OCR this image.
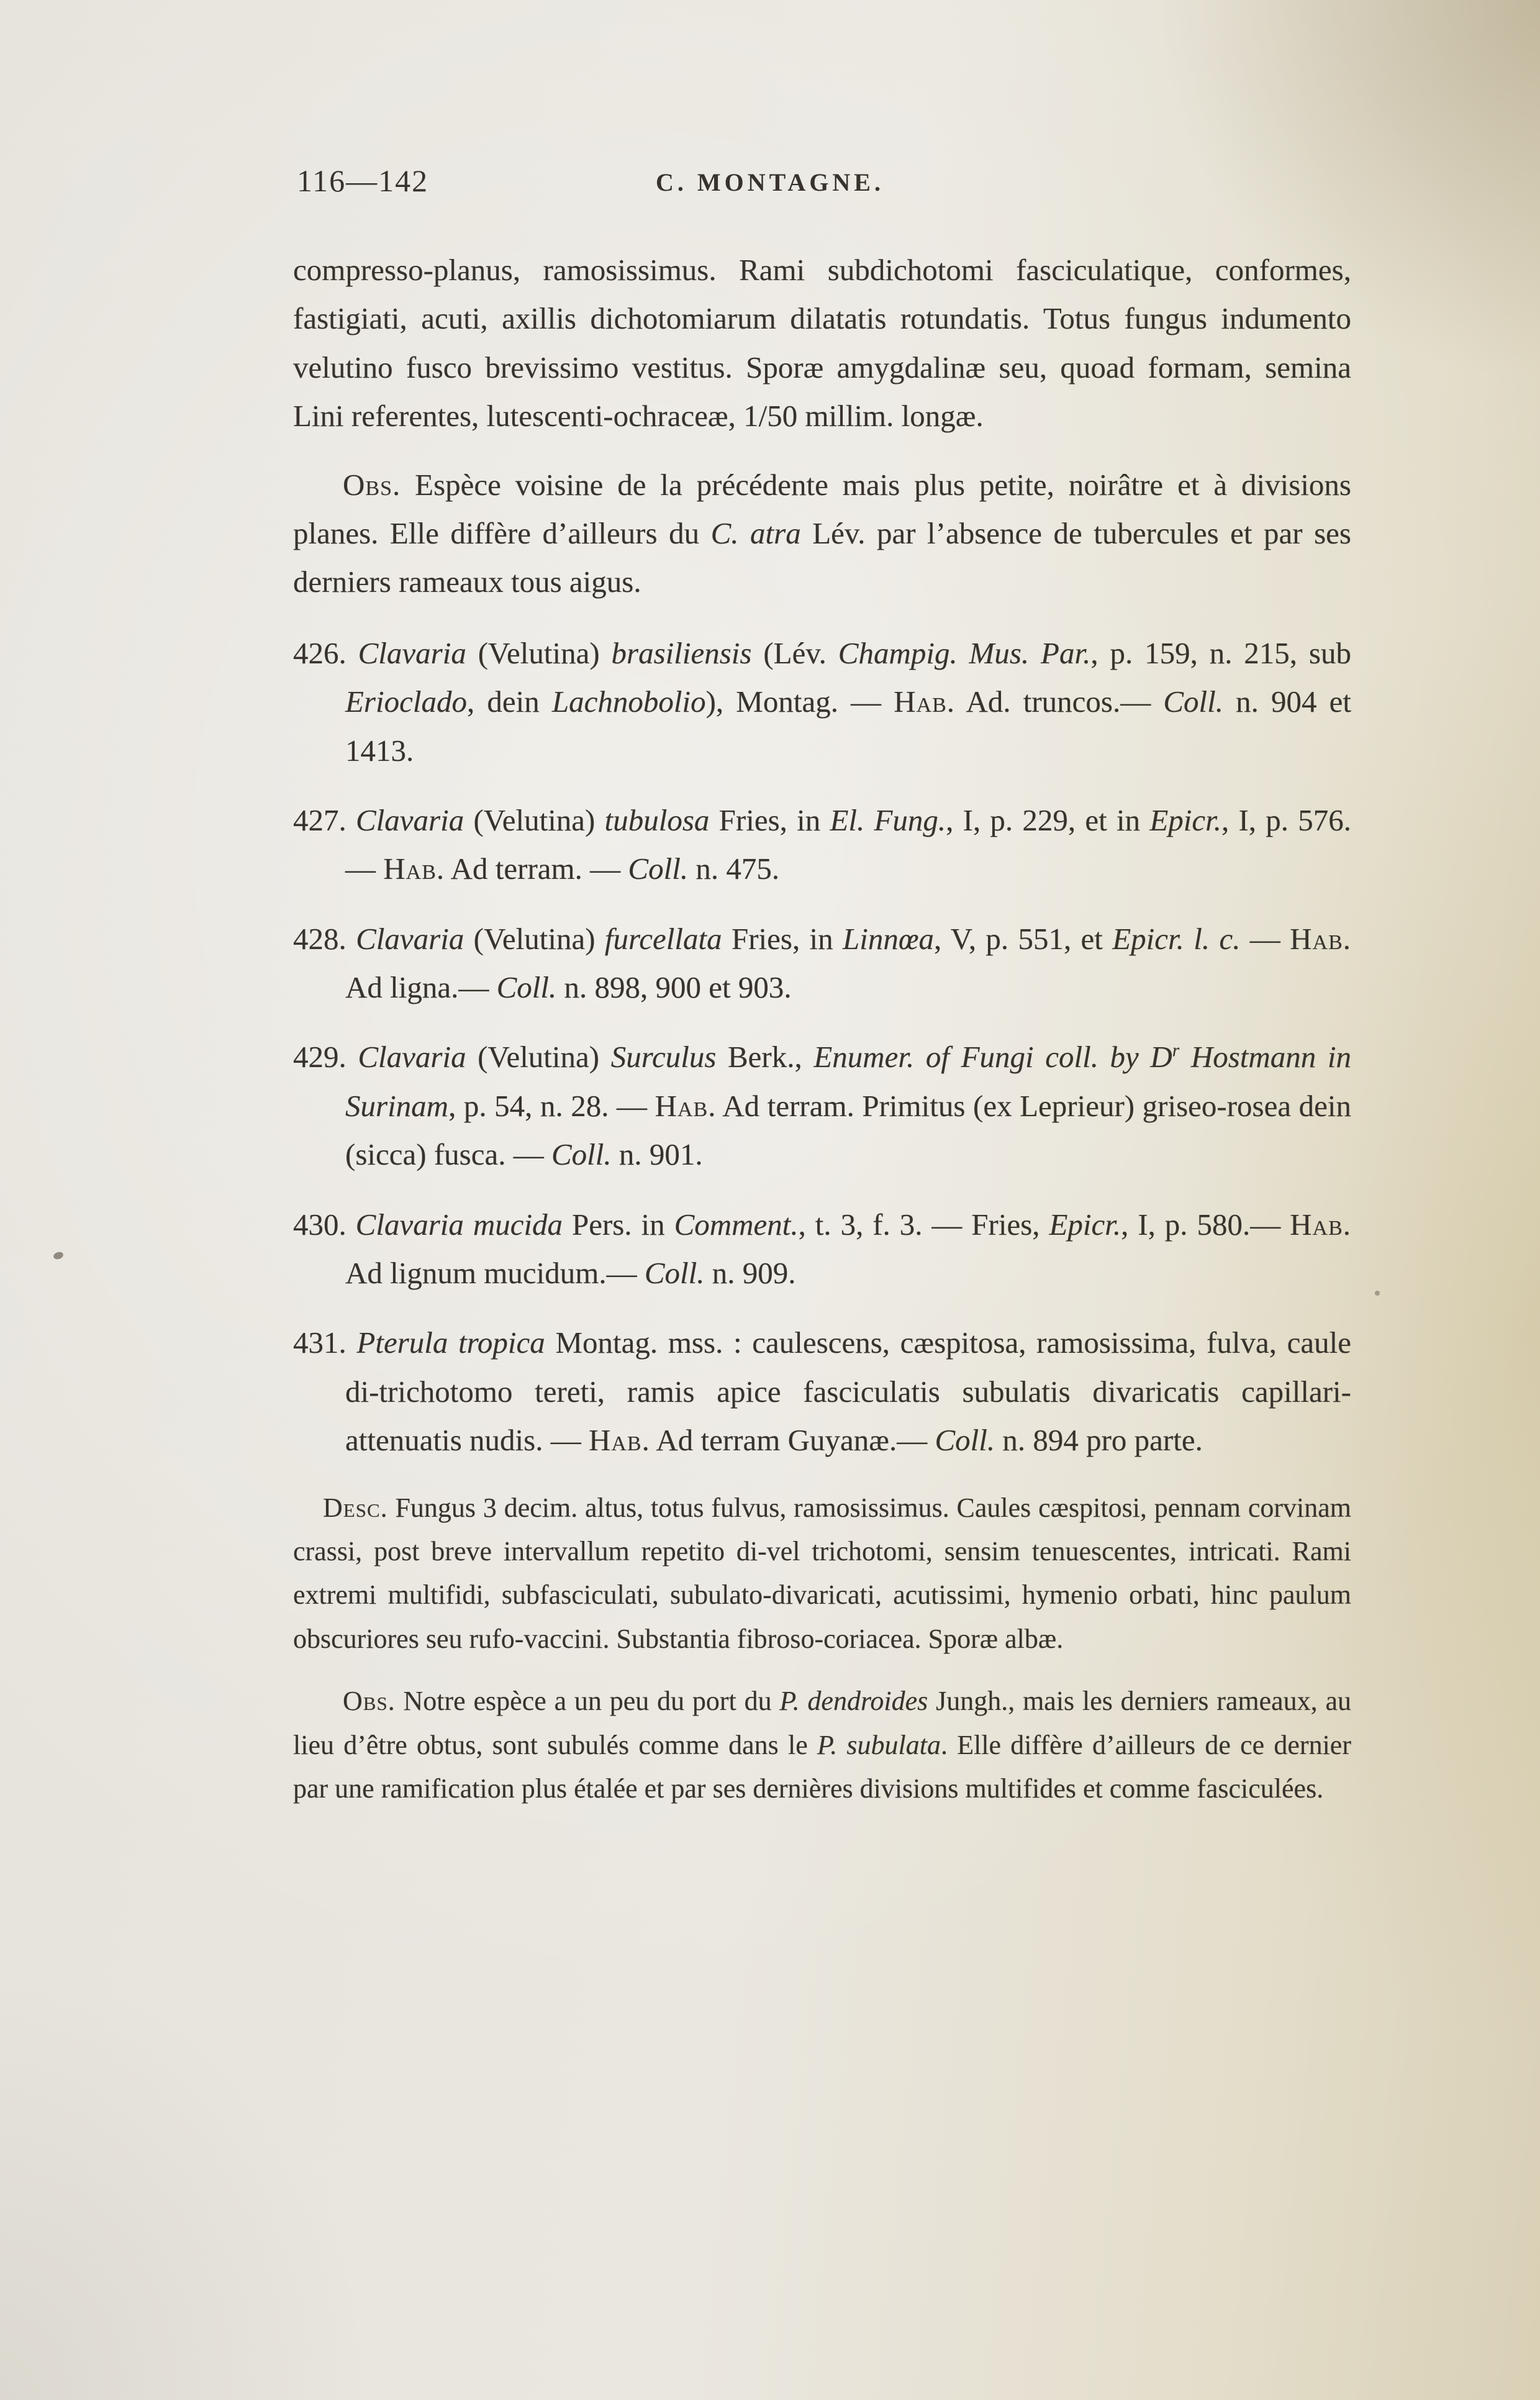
116—142	C. MONTAGNE.

compresso-planus, ramosissimus. Rami subdichotomi fasciculatique, conformes, fastigiati, acuti, axillis dichotomiarum dilatatis rotundatis. Totus fungus indumento velutino fusco brevissimo vestitus. Sporæ amygdalinæ seu, quoad formam, semina Lini referentes, lutescenti-ochraceæ, 1/50 millim. longæ.

Obs. Espèce voisine de la précédente mais plus petite, noirâtre et à divisions planes. Elle diffère d’ailleurs du C. atra Lév. par l’absence de tubercules et par ses derniers rameaux tous aigus.

426. Clavaria (Velutina) brasiliensis (Lév. Champig. Mus. Par., p. 159, n. 215, sub Erioclado, dein Lachnobolio), Montag. — Hab. Ad. truncos.— Coll. n. 904 et 1413.

427. Clavaria (Velutina) tubulosa Fries, in El. Fung., I, p. 229, et in Epicr., I, p. 576. — Hab. Ad terram. — Coll. n. 475.

428. Clavaria (Velutina) furcellata Fries, in Linnœa, V, p. 551, et Epicr. l. c. — Hab. Ad ligna.— Coll. n. 898, 900 et 903.

429. Clavaria (Velutina) Surculus Berk., Enumer. of Fungi coll. by $D^r$ Hostmann in Surinam, p. 54, n. 28. — Hab. Ad terram. Primitus (ex Leprieur) griseo-rosea dein (sicca) fusca. — Coll. n. 901.

430. Clavaria mucida Pers. in Comment., t. 3, f. 3. — Fries, Epicr., I, p. 580.— Hab. Ad lignum mucidum.— Coll. n. 909.

431. Pterula tropica Montag. mss. : caulescens, cæspitosa, ramosissima, fulva, caule di-trichotomo tereti, ramis apice fasciculatis subulatis divaricatis capillari-attenuatis nudis. — Hab. Ad terram Guyanæ.— Coll. n. 894 pro parte.

Desc. Fungus 3 decim. altus, totus fulvus, ramosissimus. Caules cæspitosi, pennam corvinam crassi, post breve intervallum repetito di-vel trichotomi, sensim tenuescentes, intricati. Rami extremi multifidi, subfasciculati, subulato-divaricati, acutissimi, hymenio orbati, hinc paulum obscuriores seu rufo-vaccini. Substantia fibroso-coriacea. Sporæ albæ.

Obs. Notre espèce a un peu du port du P. dendroides Jungh., mais les derniers rameaux, au lieu d’être obtus, sont subulés comme dans le P. subulata. Elle diffère d’ailleurs de ce dernier par une ramification plus étalée et par ses dernières divisions multifides et comme fasciculées.
